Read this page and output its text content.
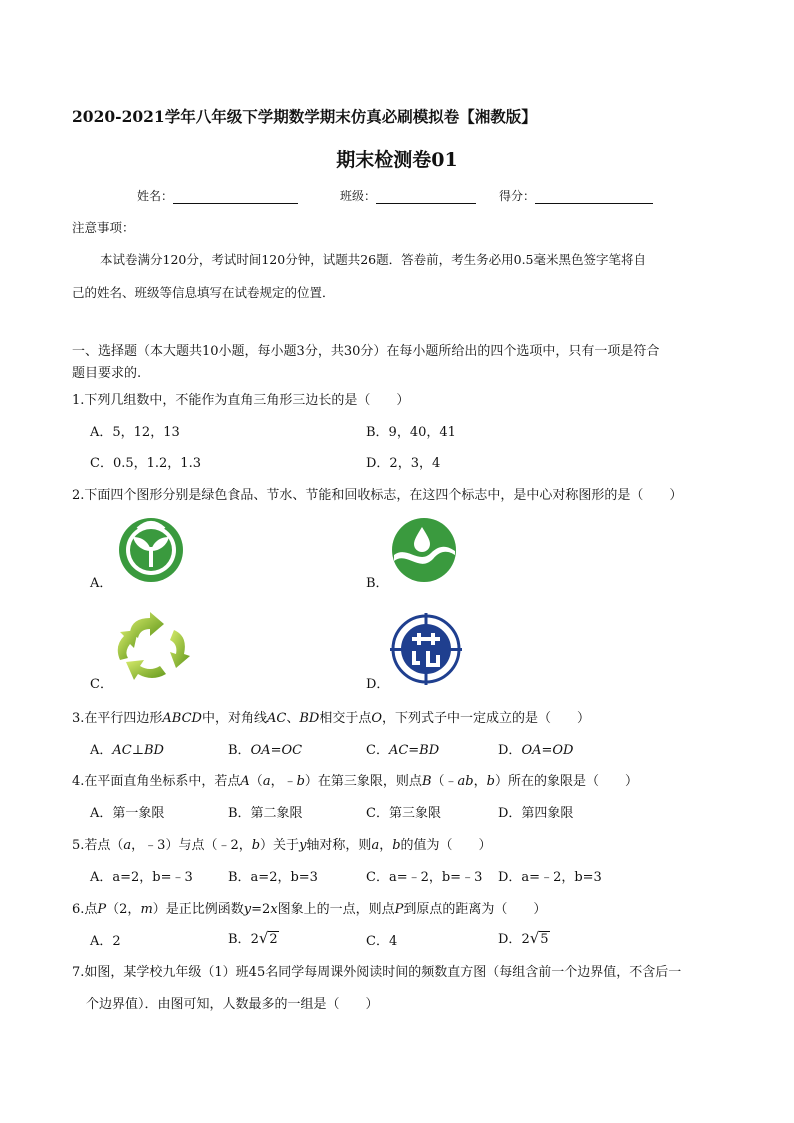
2020-2021学年八年级下学期数学期末仿真必刷模拟卷【湘教版】
期末检测卷01
姓名：	班级：	得分：
注意事项：
本试卷满分120分，考试时间120分钟，试题共26题．答卷前，考生务必用0.5毫米黑色签字笔将自
己的姓名、班级等信息填写在试卷规定的位置．
一、选择题（本大题共10小题，每小题3分，共30分）在每小题所给出的四个选项中，只有一项是符合
题目要求的.
1.下列几组数中，不能作为直角三角形三边长的是（　　）
A．5，12，13	B．9，40，41
C．0.5，1.2，1.3	D．2，3，4
2.下面四个图形分别是绿色食品、节水、节能和回收标志，在这四个标志中，是中心对称图形的是（　　）
A．	B．
C．	D．
3.在平行四边形ABCD中，对角线AC、BD相交于点O，下列式子中一定成立的是（　　）
A．AC⊥BD	B．OA=OC	C．AC=BD	D．OA=OD
4.在平面直角坐标系中，若点A（a，﹣b）在第三象限，则点B（﹣ab，b）所在的象限是（　　）
A．第一象限	B．第二象限	C．第三象限	D．第四象限
5.若点（a，﹣3）与点（﹣2，b）关于y轴对称，则a，b的值为（　　）
A．a=2，b=﹣3	B．a=2，b=3	C．a=﹣2，b=﹣3 D．a=﹣2，b=3
6.点P（2，m）是正比例函数y=2x图象上的一点，则点P到原点的距离为（　　）
A．2	B．2√2	C．4	D．2√5
7.如图，某学校九年级（1）班45名同学每周课外阅读时间的频数直方图（每组含前一个边界值，不含后一
个边界值）．由图可知，人数最多的一组是（　　）
